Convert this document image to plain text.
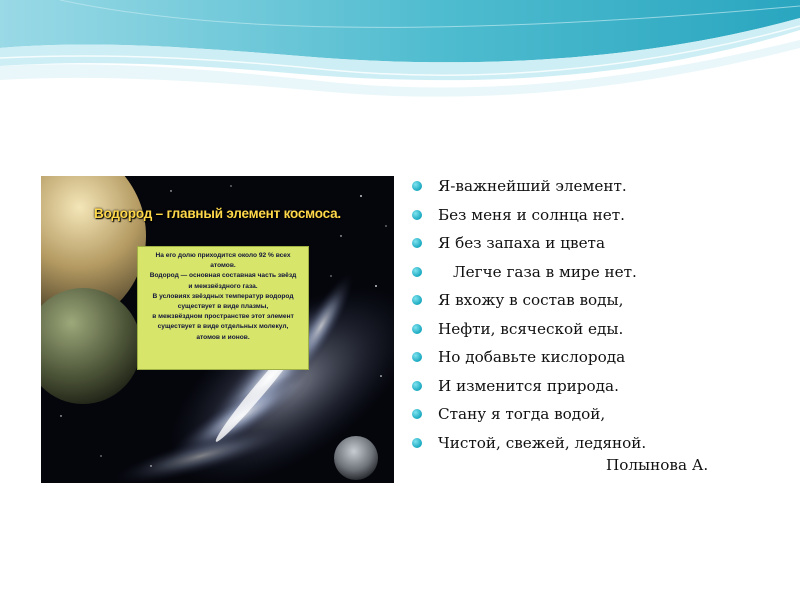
Водород – главный элемент космоса.
На его долю приходится около 92 % всех
атомов.
Водород — основная составная часть звёзд
и межзвёздного газа.
В условиях звёздных температур водород
существует в виде плазмы,
в межзвёздном пространстве этот элемент
существует в виде отдельных молекул,
атомов и ионов.
Я-важнейший элемент.
Без меня и солнца нет.
Я без запаха и цвета
Легче газа в мире нет.
Я вхожу в состав воды,
Нефти, всяческой еды.
Но добавьте кислорода
И изменится природа.
Стану я тогда водой,
Чистой, свежей, ледяной.
Полынова А.
